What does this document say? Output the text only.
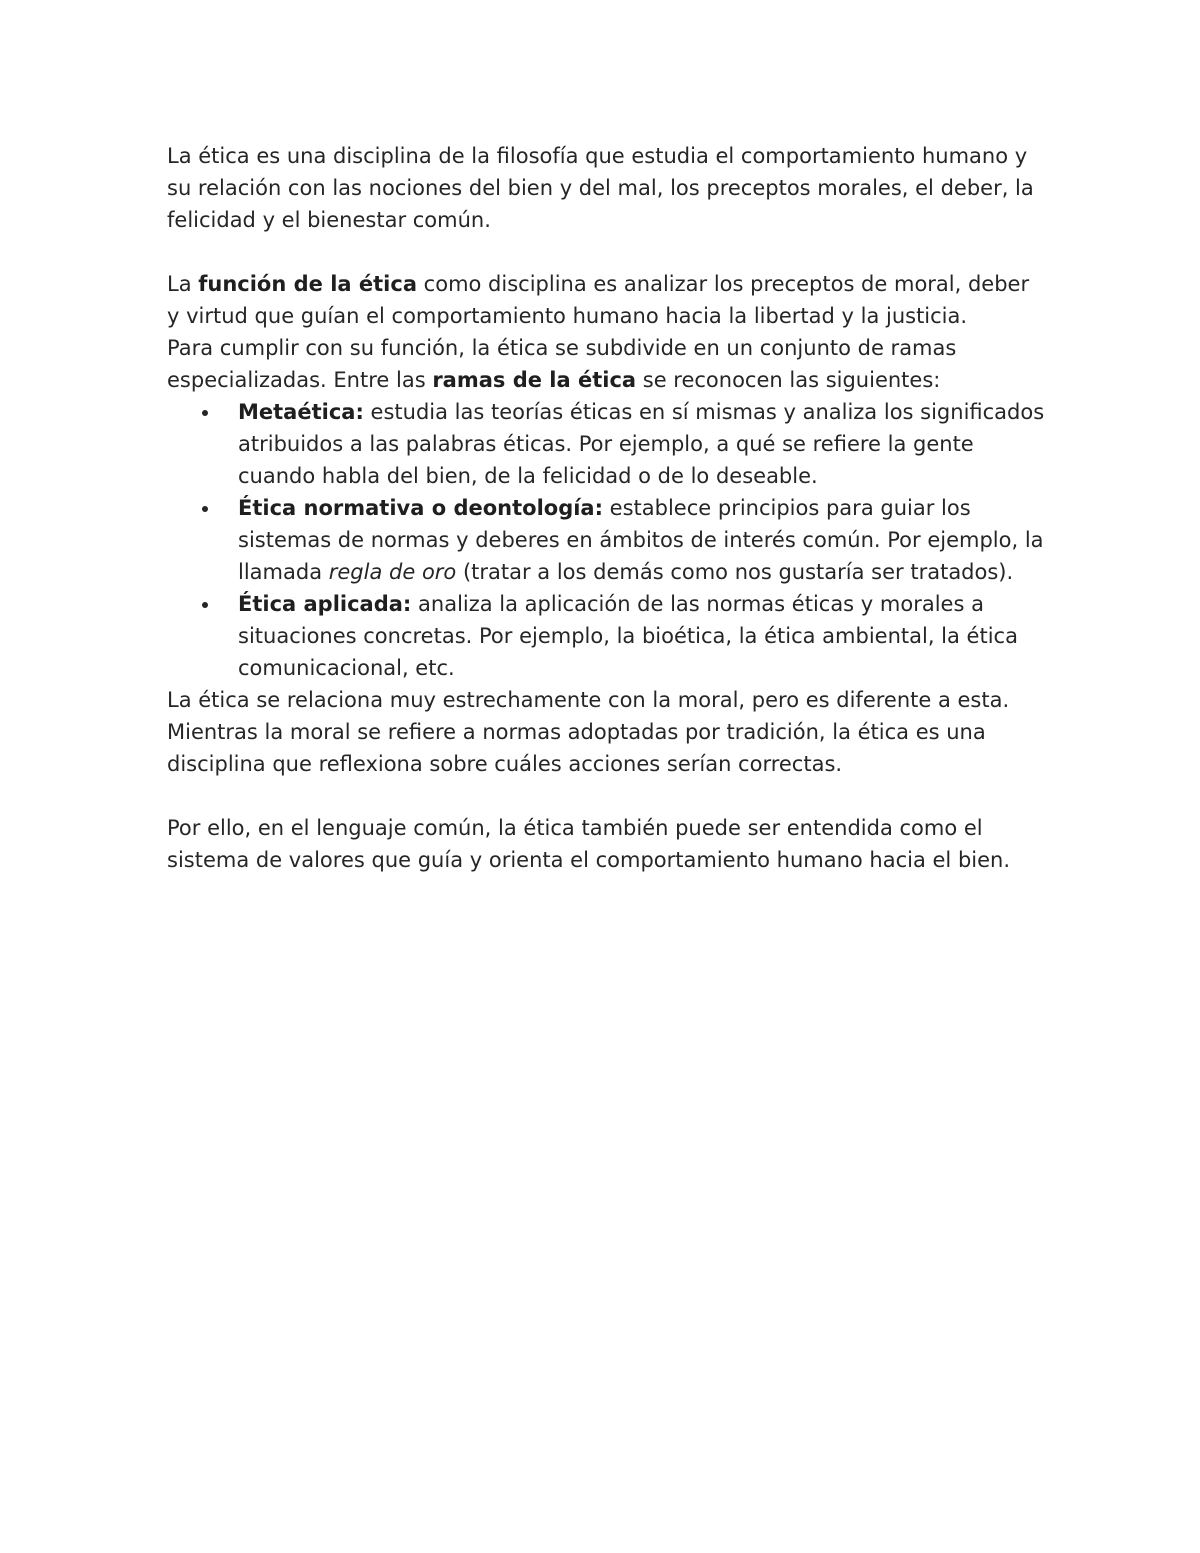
La ética es una disciplina de la filosofía que estudia el comportamiento humano y su relación con las nociones del bien y del mal, los preceptos morales, el deber, la felicidad y el bienestar común.

La función de la ética como disciplina es analizar los preceptos de moral, deber y virtud que guían el comportamiento humano hacia la libertad y la justicia.

Para cumplir con su función, la ética se subdivide en un conjunto de ramas especializadas. Entre las ramas de la ética se reconocen las siguientes:

Metaética: estudia las teorías éticas en sí mismas y analiza los significados atribuidos a las palabras éticas. Por ejemplo, a qué se refiere la gente cuando habla del bien, de la felicidad o de lo deseable.
Ética normativa o deontología: establece principios para guiar los sistemas de normas y deberes en ámbitos de interés común. Por ejemplo, la llamada regla de oro (tratar a los demás como nos gustaría ser tratados).
Ética aplicada: analiza la aplicación de las normas éticas y morales a situaciones concretas. Por ejemplo, la bioética, la ética ambiental, la ética comunicacional, etc.

La ética se relaciona muy estrechamente con la moral, pero es diferente a esta. Mientras la moral se refiere a normas adoptadas por tradición, la ética es una disciplina que reflexiona sobre cuáles acciones serían correctas.

Por ello, en el lenguaje común, la ética también puede ser entendida como el sistema de valores que guía y orienta el comportamiento humano hacia el bien.
